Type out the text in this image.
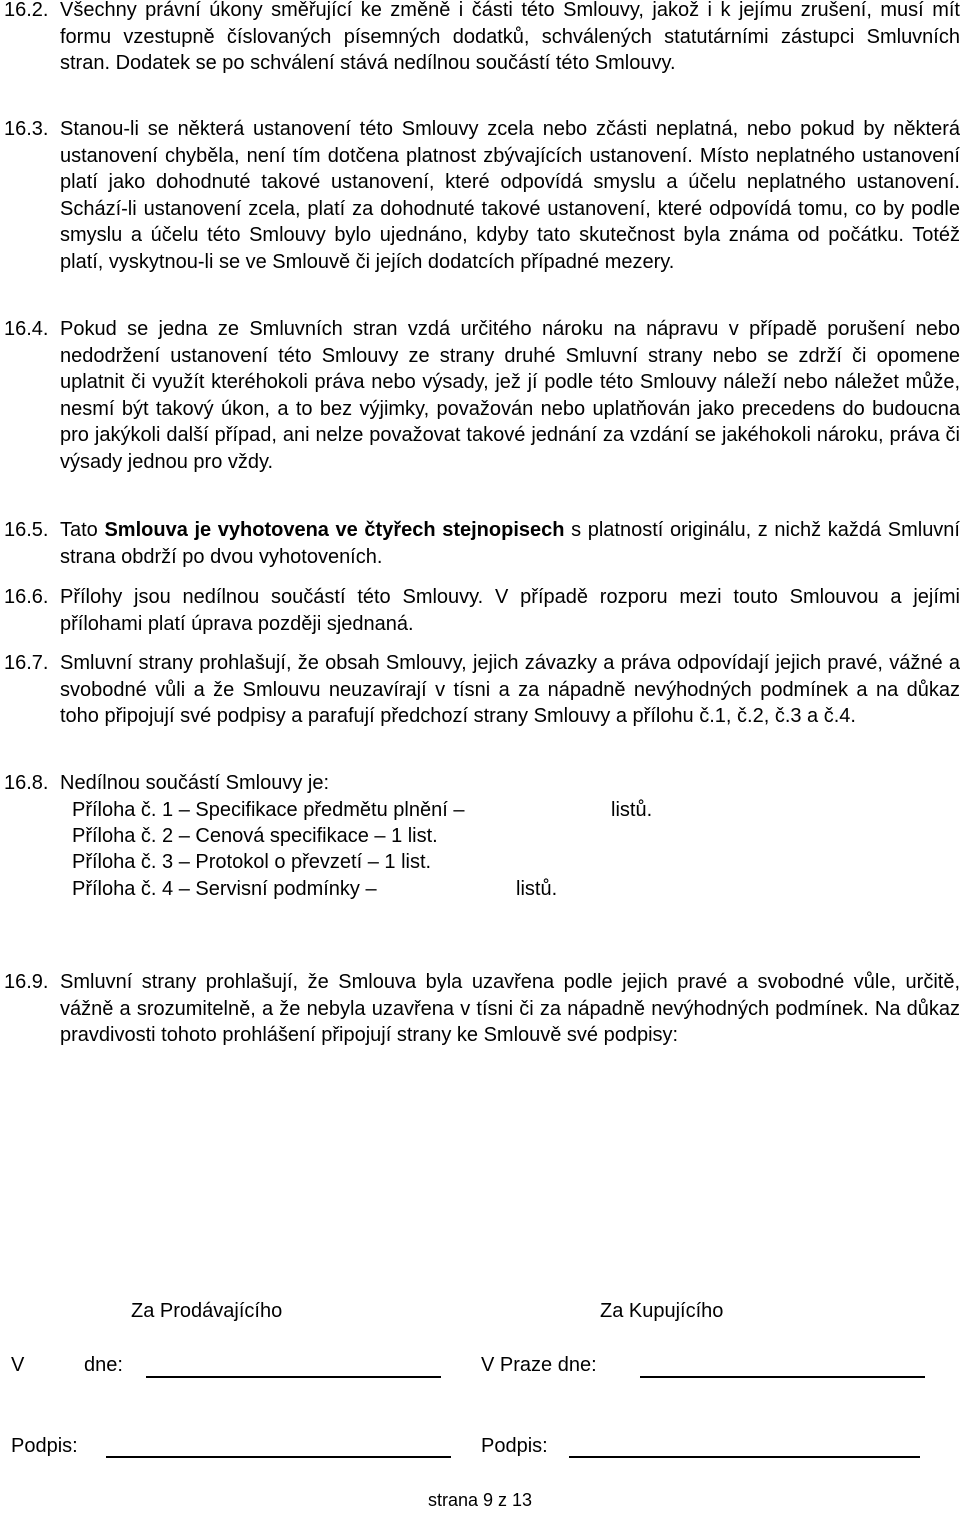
16.2. Všechny právní úkony směřující ke změně i části této Smlouvy, jakož i k jejímu zrušení, musí mít formu vzestupně číslovaných písemných dodatků, schválených statutárními zástupci Smluvních stran. Dodatek se po schválení stává nedílnou součástí této Smlouvy.

16.3. Stanou-li se některá ustanovení této Smlouvy zcela nebo zčásti neplatná, nebo pokud by některá ustanovení chyběla, není tím dotčena platnost zbývajících ustanovení. Místo neplatného ustanovení platí jako dohodnuté takové ustanovení, které odpovídá smyslu a účelu neplatného ustanovení. Schází-li ustanovení zcela, platí za dohodnuté takové ustanovení, které odpovídá tomu, co by podle smyslu a účelu této Smlouvy bylo ujednáno, kdyby tato skutečnost byla známa od počátku. Totéž platí, vyskytnou-li se ve Smlouvě či jejích dodatcích případné mezery.

16.4. Pokud se jedna ze Smluvních stran vzdá určitého nároku na nápravu v případě porušení nebo nedodržení ustanovení této Smlouvy ze strany druhé Smluvní strany nebo se zdrží či opomene uplatnit či využít kteréhokoli práva nebo výsady, jež jí podle této Smlouvy náleží nebo náležet může, nesmí být takový úkon, a to bez výjimky, považován nebo uplatňován jako precedens do budoucna pro jakýkoli další případ, ani nelze považovat takové jednání za vzdání se jakéhokoli nároku, práva či výsady jednou pro vždy.

16.5. Tato Smlouva je vyhotovena ve čtyřech stejnopisech s platností originálu, z nichž každá Smluvní strana obdrží po dvou vyhotoveních.

16.6. Přílohy jsou nedílnou součástí této Smlouvy. V případě rozporu mezi touto Smlouvou a jejími přílohami platí úprava později sjednaná.

16.7. Smluvní strany prohlašují, že obsah Smlouvy, jejich závazky a práva odpovídají jejich pravé, vážné a svobodné vůli a že Smlouvu neuzavírají v tísni a za nápadně nevýhodných podmínek a na důkaz toho připojují své podpisy a parafují předchozí strany Smlouvy a přílohu č.1, č.2, č.3 a č.4.

16.8. Nedílnou součástí Smlouvy je:
Příloha č. 1 – Specifikace předmětu plnění –	listů.
Příloha č. 2 – Cenová specifikace – 1 list.
Příloha č. 3 – Protokol o převzetí – 1 list.
Příloha č. 4 – Servisní podmínky –	listů.
16.9. Smluvní strany prohlašují, že Smlouva byla uzavřena podle jejich pravé a svobodné vůle, určitě, vážně a srozumitelně, a že nebyla uzavřena v tísni či za nápadně nevýhodných podmínek. Na důkaz pravdivosti tohoto prohlášení připojují strany ke Smlouvě své podpisy:

Za Prodávajícího	Za Kupujícího
V	dne:	V Praze dne:
Podpis:	Podpis:
strana 9 z 13
